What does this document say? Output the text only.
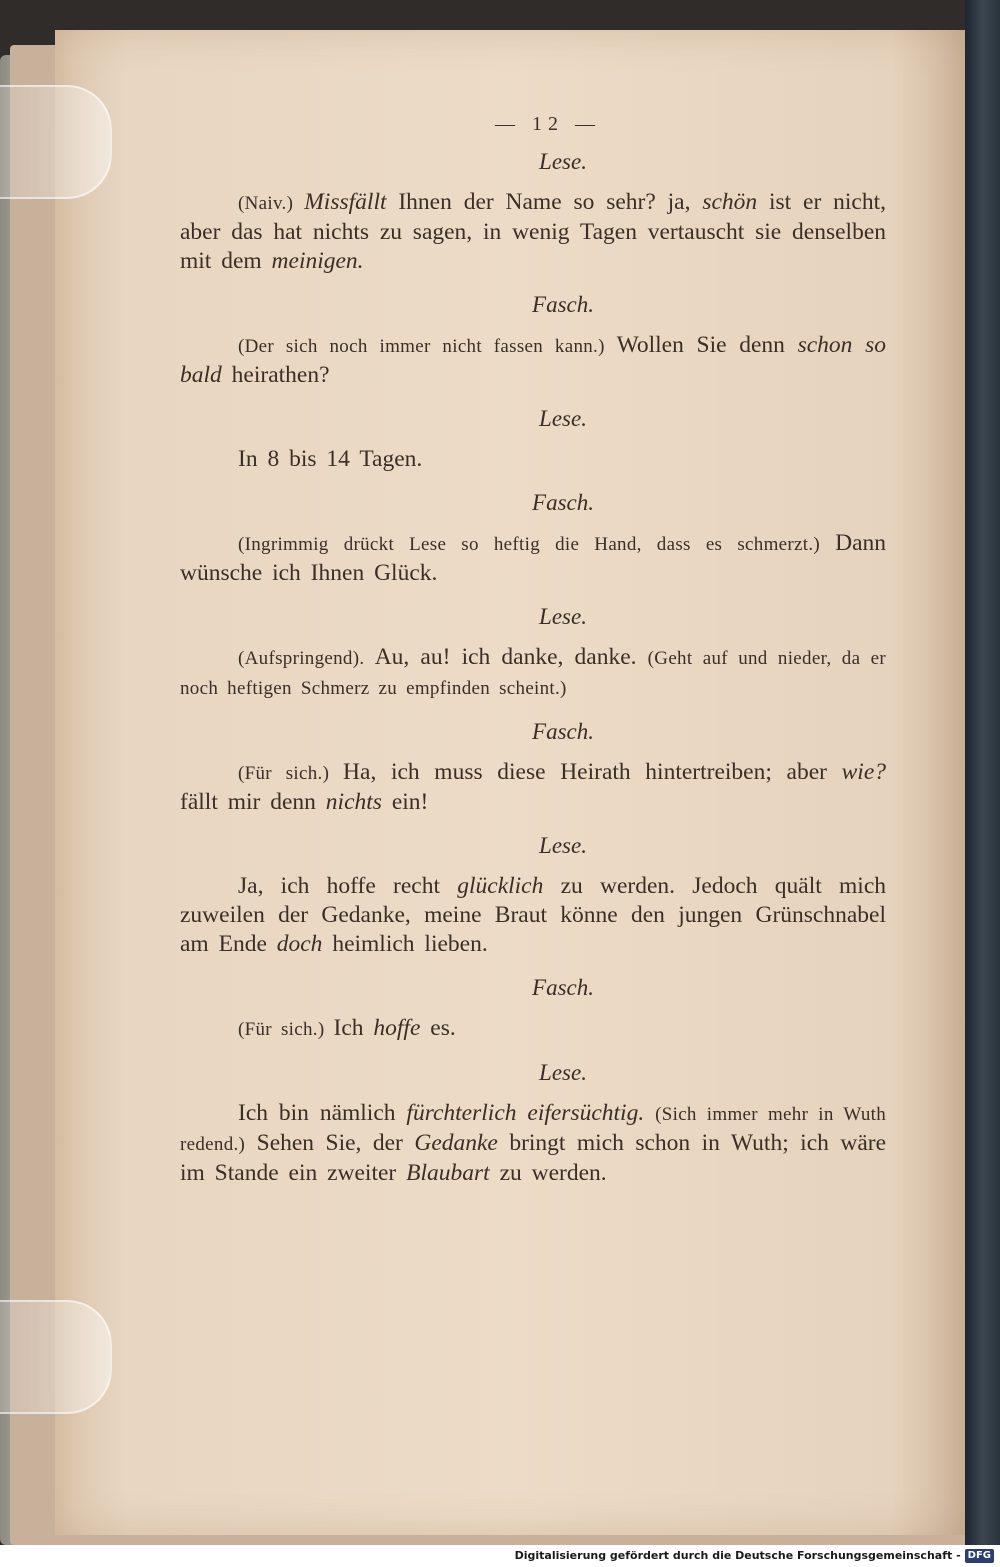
— 12 —
Lese.

(Naiv.) Missfällt Ihnen der Name so sehr? ja, schön ist er nicht, aber das hat nichts zu sagen, in wenig Tagen vertauscht sie denselben mit dem meinigen.

Fasch.

(Der sich noch immer nicht fassen kann.) Wollen Sie denn schon so bald heirathen?

Lese.

In 8 bis 14 Tagen.

Fasch.

(Ingrimmig drückt Lese so heftig die Hand, dass es schmerzt.) Dann wünsche ich Ihnen Glück.

Lese.

(Aufspringend). Au, au! ich danke, danke. (Geht auf und nieder, da er noch heftigen Schmerz zu empfinden scheint.)

Fasch.

(Für sich.) Ha, ich muss diese Heirath hintertreiben; aber wie? fällt mir denn nichts ein!

Lese.

Ja, ich hoffe recht glücklich zu werden. Jedoch quält mich zuweilen der Gedanke, meine Braut könne den jungen Grünschnabel am Ende doch heimlich lieben.

Fasch.

(Für sich.) Ich hoffe es.

Lese.

Ich bin nämlich fürchterlich eifersüchtig. (Sich immer mehr in Wuth redend.) Sehen Sie, der Gedanke bringt mich schon in Wuth; ich wäre im Stande ein zweiter Blaubart zu werden.

Digitalisierung gefördert durch die Deutsche Forschungsgemeinschaft - DFG
